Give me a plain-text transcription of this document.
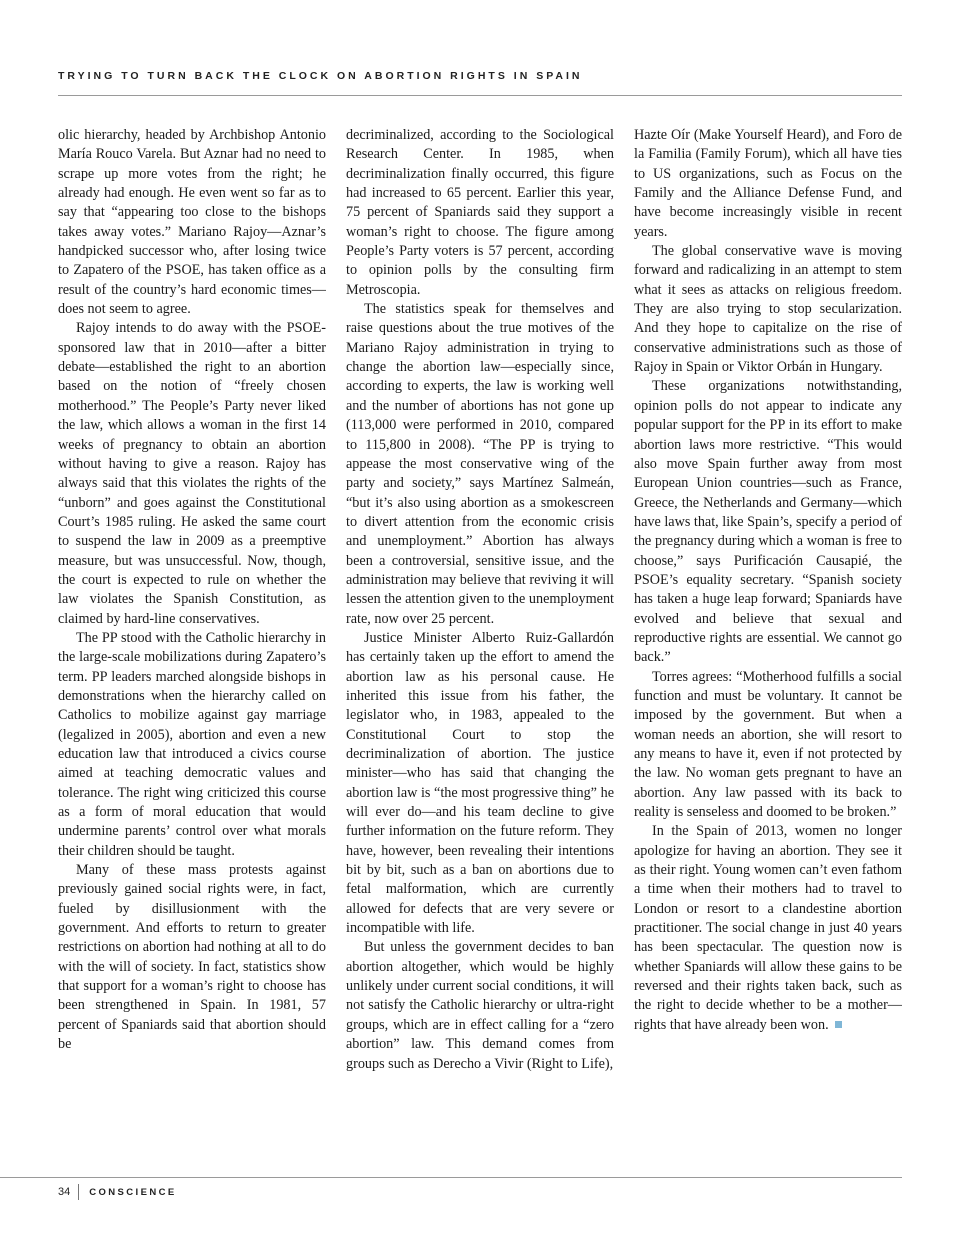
TRYING TO TURN BACK THE CLOCK ON ABORTION RIGHTS IN SPAIN

olic hierarchy, headed by Archbishop Antonio María Rouco Varela. But Aznar had no need to scrape up more votes from the right; he already had enough. He even went so far as to say that “appearing too close to the bishops takes away votes.” Mariano Rajoy—Aznar’s handpicked successor who, after losing twice to Zapatero of the PSOE, has taken office as a result of the country’s hard economic times—does not seem to agree.

Rajoy intends to do away with the PSOE-sponsored law that in 2010—after a bitter debate—established the right to an abortion based on the notion of “freely chosen motherhood.” The People’s Party never liked the law, which allows a woman in the first 14 weeks of pregnancy to obtain an abortion without having to give a reason. Rajoy has always said that this violates the rights of the “unborn” and goes against the Constitutional Court’s 1985 ruling. He asked the same court to suspend the law in 2009 as a preemptive measure, but was unsuccessful. Now, though, the court is expected to rule on whether the law violates the Spanish Constitution, as claimed by hard-line conservatives.

The PP stood with the Catholic hierarchy in the large-scale mobilizations during Zapatero’s term. PP leaders marched alongside bishops in demonstrations when the hierarchy called on Catholics to mobilize against gay marriage (legalized in 2005), abortion and even a new education law that introduced a civics course aimed at teaching democratic values and tolerance. The right wing criticized this course as a form of moral education that would undermine parents’ control over what morals their children should be taught.

Many of these mass protests against previously gained social rights were, in fact, fueled by disillusionment with the government. And efforts to return to greater restrictions on abortion had nothing at all to do with the will of society. In fact, statistics show that support for a woman’s right to choose has been strengthened in Spain. In 1981, 57 percent of Spaniards said that abortion should be

decriminalized, according to the Sociological Research Center. In 1985, when decriminalization finally occurred, this figure had increased to 65 percent. Earlier this year, 75 percent of Spaniards said they support a woman’s right to choose. The figure among People’s Party voters is 57 percent, according to opinion polls by the consulting firm Metroscopia.

The statistics speak for themselves and raise questions about the true motives of the Mariano Rajoy administration in trying to change the abortion law—especially since, according to experts, the law is working well and the number of abortions has not gone up (113,000 were performed in 2010, compared to 115,800 in 2008). “The PP is trying to appease the most conservative wing of the party and society,” says Martínez Salmeán, “but it’s also using abortion as a smokescreen to divert attention from the economic crisis and unemployment.” Abortion has always been a controversial, sensitive issue, and the administration may believe that reviving it will lessen the attention given to the unemployment rate, now over 25 percent.

Justice Minister Alberto Ruiz-Gallardón has certainly taken up the effort to amend the abortion law as his personal cause. He inherited this issue from his father, the legislator who, in 1983, appealed to the Constitutional Court to stop the decriminalization of abortion. The justice minister—who has said that changing the abortion law is “the most progressive thing” he will ever do—and his team decline to give further information on the future reform. They have, however, been revealing their intentions bit by bit, such as a ban on abortions due to fetal malformation, which are currently allowed for defects that are very severe or incompatible with life.

But unless the government decides to ban abortion altogether, which would be highly unlikely under current social conditions, it will not satisfy the Catholic hierarchy or ultra-right groups, which are in effect calling for a “zero abortion” law. This demand comes from groups such as Derecho a Vivir (Right to Life),

Hazte Oír (Make Yourself Heard), and Foro de la Familia (Family Forum), which all have ties to US organizations, such as Focus on the Family and the Alliance Defense Fund, and have become increasingly visible in recent years.

The global conservative wave is moving forward and radicalizing in an attempt to stem what it sees as attacks on religious freedom. They are also trying to stop secularization. And they hope to capitalize on the rise of conservative administrations such as those of Rajoy in Spain or Viktor Orbán in Hungary.

These organizations notwithstanding, opinion polls do not appear to indicate any popular support for the PP in its effort to make abortion laws more restrictive. “This would also move Spain further away from most European Union countries—such as France, Greece, the Netherlands and Germany—which have laws that, like Spain’s, specify a period of the pregnancy during which a woman is free to choose,” says Purificación Causapié, the PSOE’s equality secretary. “Spanish society has taken a huge leap forward; Spaniards have evolved and believe that sexual and reproductive rights are essential. We cannot go back.”

Torres agrees: “Motherhood fulfills a social function and must be voluntary. It cannot be imposed by the government. But when a woman needs an abortion, she will resort to any means to have it, even if not protected by the law. No woman gets pregnant to have an abortion. Any law passed with its back to reality is senseless and doomed to be broken.”

In the Spain of 2013, women no longer apologize for having an abortion. They see it as their right. Young women can’t even fathom a time when their mothers had to travel to London or resort to a clandestine abortion practitioner. The social change in just 40 years has been spectacular. The question now is whether Spaniards will allow these gains to be reversed and their rights taken back, such as the right to decide whether to be a mother—rights that have already been won.

34	CONSCIENCE
